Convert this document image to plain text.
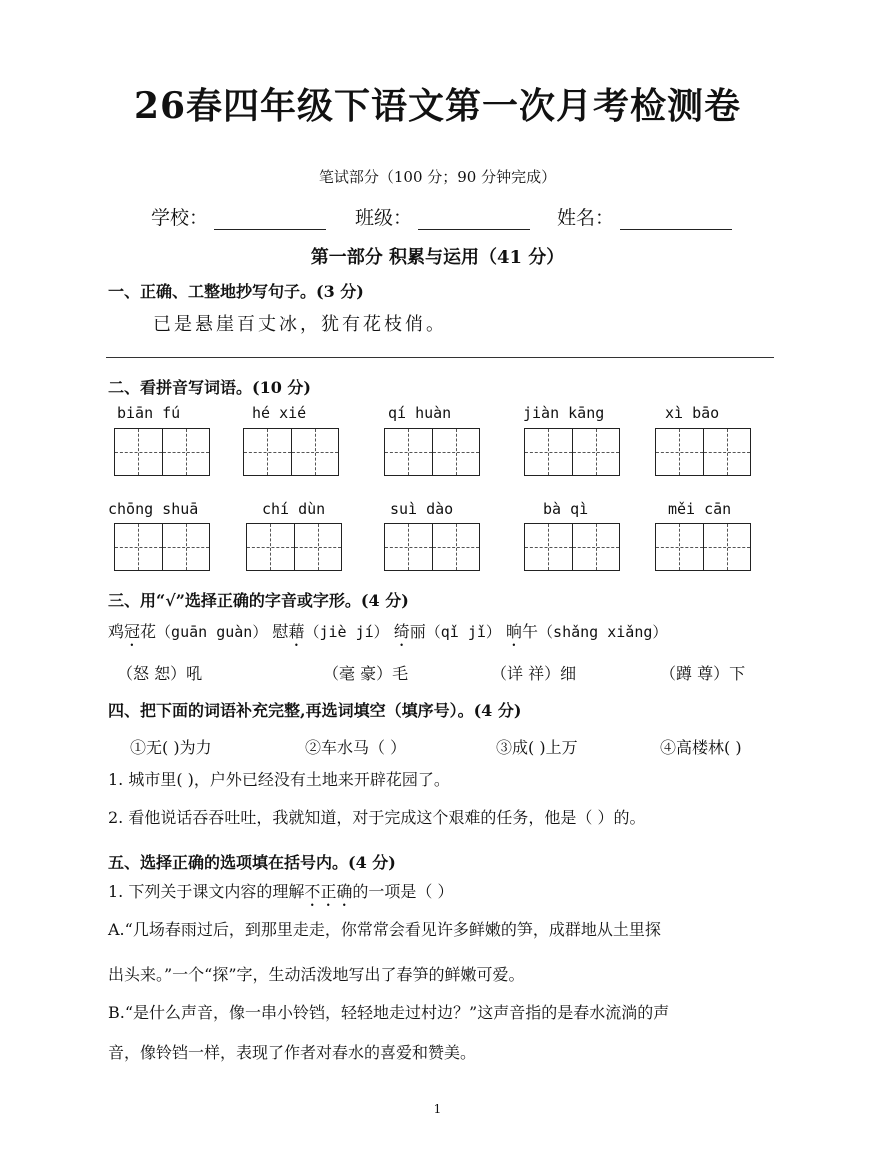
26春四年级下语文第一次月考检测卷
笔试部分（100 分；90 分钟完成）
学校：	班级：	姓名：
第一部分 积累与运用（41 分）
一、正确、工整地抄写句子。(3 分)
已是悬崖百丈冰，犹有花枝俏。
二、看拼音写词语。(10 分)
biān fú	hé xié	qí huàn	jiàn kāng	xì bāo
chōng shuā	chí dùn	suì dào	bà qì	měi cān
三、用“√”选择正确的字音或字形。(4 分)
鸡冠花（guān guàn） 慰藉（jiè jí） 绮丽（qǐ jǐ） 晌午（shǎng xiǎng）
（怒 恕）吼	（毫 豪）毛	（详 祥）细	（蹲 尊）下
四、把下面的词语补充完整,再选词填空（填序号）。(4 分)
①无( )为力	②车水马（ ）	③成( )上万	④高楼林( )
1. 城市里( )，户外已经没有土地来开辟花园了。
2. 看他说话吞吞吐吐，我就知道，对于完成这个艰难的任务，他是（ ）的。
五、选择正确的选项填在括号内。(4 分)
1. 下列关于课文内容的理解不正确的一项是（ ）
A.“几场春雨过后，到那里走走，你常常会看见许多鲜嫩的笋，成群地从土里探
出头来。”一个“探”字，生动活泼地写出了春笋的鲜嫩可爱。
B.“是什么声音，像一串小铃铛，轻轻地走过村边？”这声音指的是春水流淌的声
音，像铃铛一样，表现了作者对春水的喜爱和赞美。
1
